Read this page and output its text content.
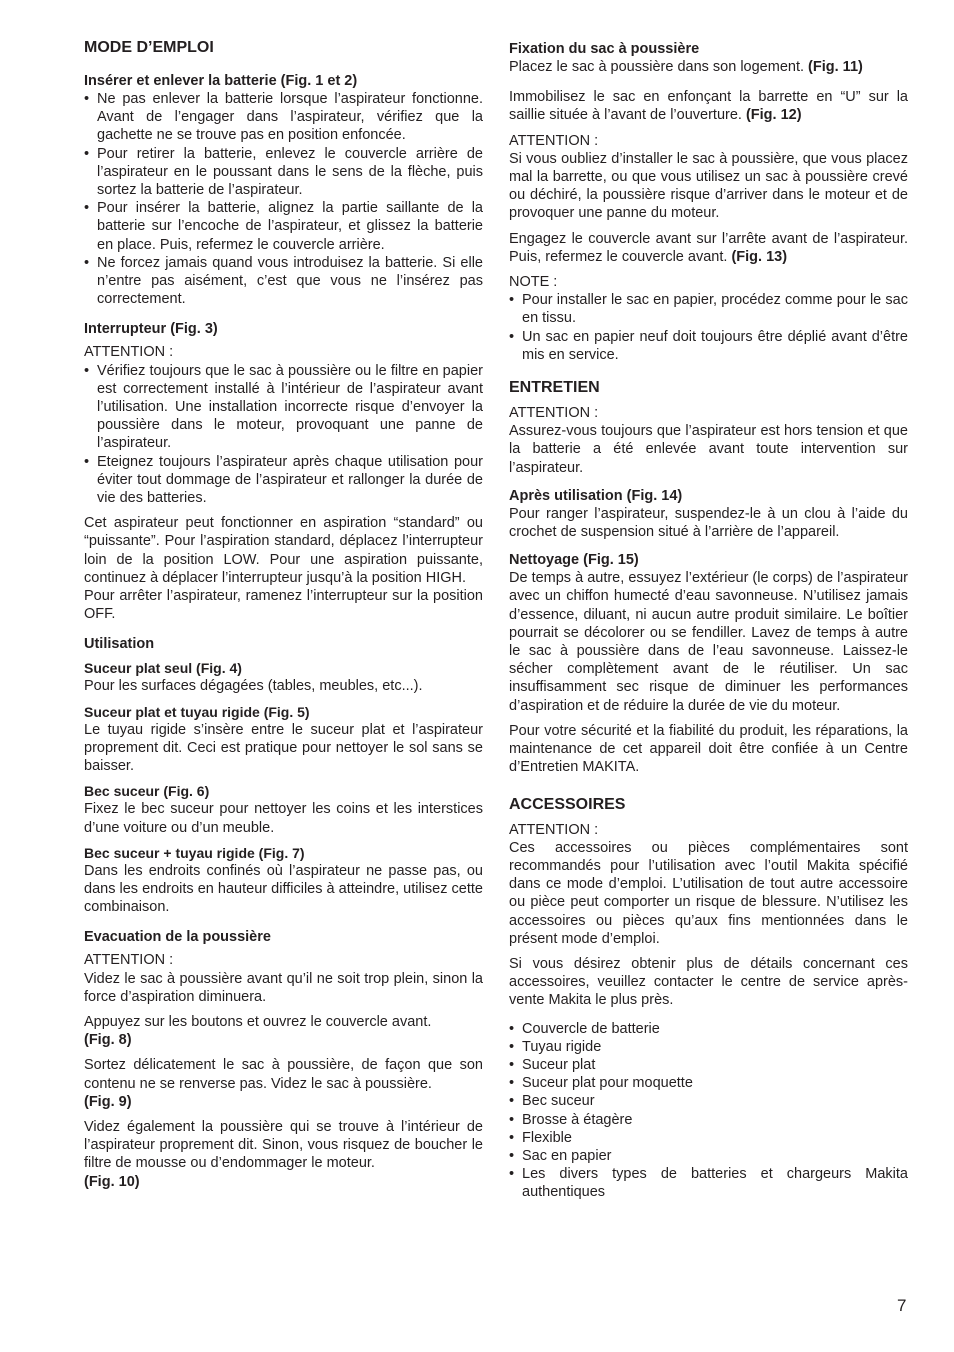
MODE D’EMPLOI
Insérer et enlever la batterie (Fig. 1 et 2)
• Ne pas enlever la batterie lorsque l’aspirateur fonctionne. Avant de l’engager dans l’aspirateur, vérifiez que la gachette ne se trouve pas en position enfoncée.
• Pour retirer la batterie, enlevez le couvercle arrière de l’aspirateur en le poussant dans le sens de la flèche, puis sortez la batterie de l’aspirateur.
• Pour insérer la batterie, alignez la partie saillante de la batterie sur l’encoche de l’aspirateur, et glissez la batterie en place. Puis, refermez le couvercle arrière.
• Ne forcez jamais quand vous introduisez la batterie. Si elle n’entre pas aisément, c’est que vous ne l’insérez pas correctement.
Interrupteur (Fig. 3)
ATTENTION :
• Vérifiez toujours que le sac à poussière ou le filtre en papier est correctement installé à l’intérieur de l’aspirateur avant l’utilisation. Une installation incorrecte risque d’envoyer la poussière dans le moteur, provoquant une panne de l’aspirateur.
• Eteignez toujours l’aspirateur après chaque utilisation pour éviter tout dommage de l’aspirateur et rallonger la durée de vie des batteries.

Cet aspirateur peut fonctionner en aspiration “standard” ou “puissante”. Pour l’aspiration standard, déplacez l’interrupteur loin de la position LOW. Pour une aspiration puissante, continuez à déplacer l’interrupteur jusqu’à la position HIGH.

Pour arrêter l’aspirateur, ramenez l’interrupteur sur la position OFF.

Utilisation
Suceur plat seul (Fig. 4)

Pour les surfaces dégagées (tables, meubles, etc...).

Suceur plat et tuyau rigide (Fig. 5)

Le tuyau rigide s’insère entre le suceur plat et l’aspirateur proprement dit. Ceci est pratique pour nettoyer le sol sans se baisser.

Bec suceur (Fig. 6)

Fixez le bec suceur pour nettoyer les coins et les interstices d’une voiture ou d’un meuble.

Bec suceur + tuyau rigide (Fig. 7)

Dans les endroits confinés où l’aspirateur ne passe pas, ou dans les endroits en hauteur difficiles à atteindre, utilisez cette combinaison.

Evacuation de la poussière
ATTENTION :

Videz le sac à poussière avant qu’il ne soit trop plein, sinon la force d’aspiration diminuera.

Appuyez sur les boutons et ouvrez le couvercle avant.
(Fig. 8)

Sortez délicatement le sac à poussière, de façon que son contenu ne se renverse pas. Videz le sac à poussière.
(Fig. 9)

Videz également la poussière qui se trouve à l’intérieur de l’aspirateur proprement dit. Sinon, vous risquez de boucher le filtre de mousse ou d’endommager le moteur.
(Fig. 10)

Fixation du sac à poussière

Placez le sac à poussière dans son logement. (Fig. 11)

Immobilisez le sac en enfonçant la barrette en “U” sur la saillie située à l’avant de l’ouverture. (Fig. 12)

ATTENTION :

Si vous oubliez d’installer le sac à poussière, que vous placez mal la barrette, ou que vous utilisez un sac à poussière crevé ou déchiré, la poussière risque d’arriver dans le moteur et de provoquer une panne du moteur.

Engagez le couvercle avant sur l’arrête avant de l’aspirateur. Puis, refermez le couvercle avant. (Fig. 13)

NOTE :
• Pour installer le sac en papier, procédez comme pour le sac en tissu.
• Un sac en papier neuf doit toujours être déplié avant d’être mis en service.
ENTRETIEN
ATTENTION :

Assurez-vous toujours que l’aspirateur est hors tension et que la batterie a été enlevée avant toute intervention sur l’aspirateur.

Après utilisation (Fig. 14)

Pour ranger l’aspirateur, suspendez-le à un clou à l’aide du crochet de suspension situé à l’arrière de l’appareil.

Nettoyage (Fig. 15)

De temps à autre, essuyez l’extérieur (le corps) de l’aspirateur avec un chiffon humecté d’eau savonneuse. N’utilisez jamais d’essence, diluant, ni aucun autre produit similaire. Le boîtier pourrait se décolorer ou se fendiller. Lavez de temps à autre le sac à poussière dans de l’eau savonneuse. Laissez-le sécher complètement avant de le réutiliser. Un sac insuffisamment sec risque de diminuer les performances d’aspiration et de réduire la durée de vie du moteur.

Pour votre sécurité et la fiabilité du produit, les réparations, la maintenance de cet appareil doit être confiée à un Centre d’Entretien MAKITA.

ACCESSOIRES
ATTENTION :

Ces accessoires ou pièces complémentaires sont recommandés pour l’utilisation avec l’outil Makita spécifié dans ce mode d’emploi. L’utilisation de tout autre accessoire ou pièce peut comporter un risque de blessure. N’utilisez les accessoires ou pièces qu’aux fins mentionnées dans le présent mode d’emploi.

Si vous désirez obtenir plus de détails concernant ces accessoires, veuillez contacter le centre de service après-vente Makita le plus près.

• Couvercle de batterie
• Tuyau rigide
• Suceur plat
• Suceur plat pour moquette
• Bec suceur
• Brosse à étagère
• Flexible
• Sac en papier
• Les divers types de batteries et chargeurs Makita authentiques
7
